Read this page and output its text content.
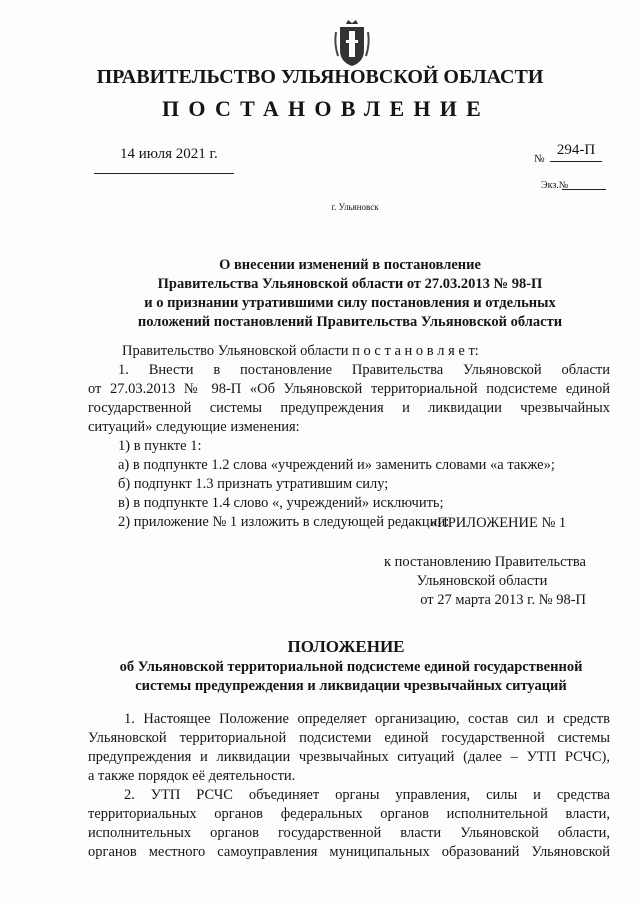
ПРАВИТЕЛЬСТВО УЛЬЯНОВСКОЙ ОБЛАСТИ
ПОСТАНОВЛЕНИЕ
14 июля 2021 г.	№
294-П
Экз.№
г. Ульяновск
О внесении изменений в постановление
Правительства Ульяновской области от 27.03.2013 № 98-П
и о признании утратившими силу постановления и отдельных
положений постановлений Правительства Ульяновской области

Правительство Ульяновской области п о с т а н о в л я е т:

1. Внести в постановление Правительства Ульяновской области

от 27.03.2013 № 98-П «Об Ульяновской территориальной подсистеме единой

государственной системы предупреждения и ликвидации чрезвычайных

ситуаций» следующие изменения:

1) в пункте 1:

а) в подпункте 1.2 слова «учреждений и» заменить словами «а также»;

б) подпункт 1.3 признать утратившим силу;

в) в подпункте 1.4 слово «, учреждений» исключить;

2) приложение № 1 изложить в следующей редакции:

«ПРИЛОЖЕНИЕ № 1
к постановлению Правительства
Ульяновской области
от 27 марта 2013 г. № 98-П
ПОЛОЖЕНИЕ
об Ульяновской территориальной подсистеме единой государственной
системы предупреждения и ликвидации чрезвычайных ситуаций

1. Настоящее Положение определяет организацию, состав сил и средств

Ульяновской территориальной подсистеми единой государственной системы

предупреждения и ликвидации чрезвычайных ситуаций (далее – УТП РСЧС),

а также порядок её деятельности.

2. УТП РСЧС объединяет органы управления, силы и средства

территориальных органов федеральных органов исполнительной власти,

исполнительных органов государственной власти Ульяновской области,

органов местного самоуправления муниципальных образований Ульяновской
